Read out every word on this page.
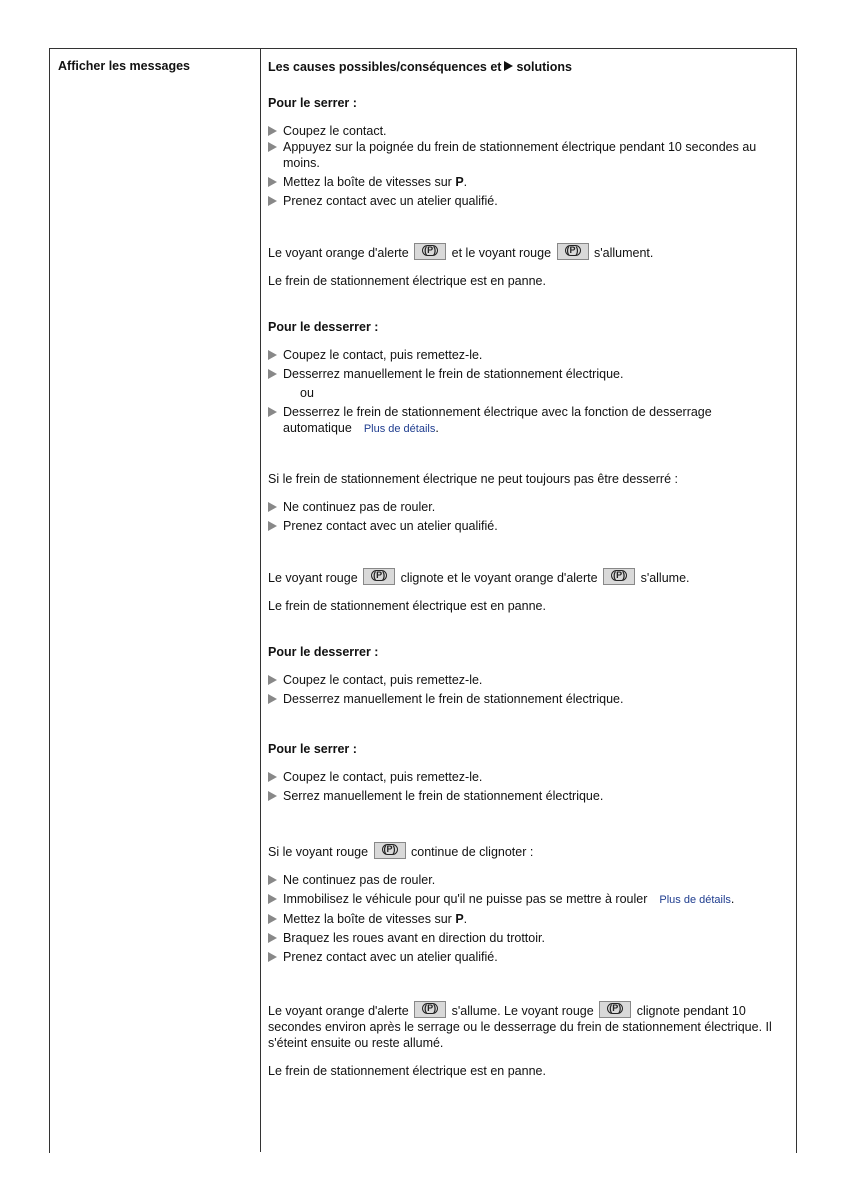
Afficher les messages	Les causes possibles/conséquences et solutions

Pour le serrer :

Coupez le contact.

Appuyez sur la poignée du frein de stationnement électrique pendant 10 secondes au moins.

Mettez la boîte de vitesses sur P.

Prenez contact avec un atelier qualifié.

Le voyant orange d'alerte (P)	et le voyant rouge (P)	s'allument.

Le frein de stationnement électrique est en panne.

Pour le desserrer :

Coupez le contact, puis remettez-le.

Desserrez manuellement le frein de stationnement électrique.

ou

Desserrez le frein de stationnement électrique avec la fonction de desserrage automatique Plus de détails.

Si le frein de stationnement électrique ne peut toujours pas être desserré :

Ne continuez pas de rouler.

Prenez contact avec un atelier qualifié.

Le voyant rouge (P)	clignote et le voyant orange d'alerte (P)	s'allume.

Le frein de stationnement électrique est en panne.

Pour le desserrer :

Coupez le contact, puis remettez-le.

Desserrez manuellement le frein de stationnement électrique.

Pour le serrer :

Coupez le contact, puis remettez-le.

Serrez manuellement le frein de stationnement électrique.

Si le voyant rouge (P)	continue de clignoter :

Ne continuez pas de rouler.

Immobilisez le véhicule pour qu'il ne puisse pas se mettre à rouler Plus de détails.

Mettez la boîte de vitesses sur P.

Braquez les roues avant en direction du trottoir.

Prenez contact avec un atelier qualifié.

Le voyant orange d'alerte (P)	s'allume. Le voyant rouge (P)	clignote pendant 10 secondes environ après le serrage ou le desserrage du frein de stationnement électrique. Il s'éteint ensuite ou reste allumé.

Le frein de stationnement électrique est en panne.
